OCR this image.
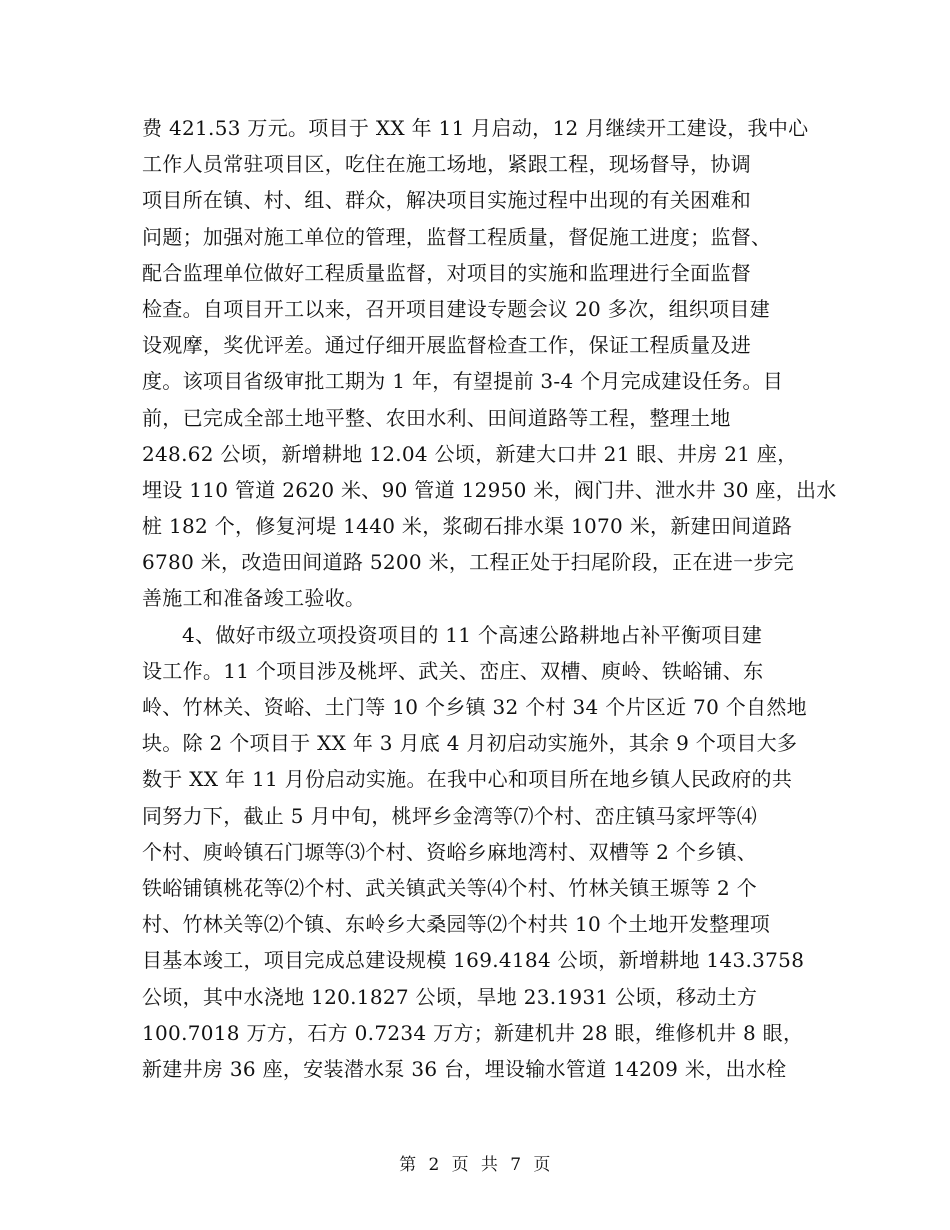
费 421.53 万元。项目于 XX 年 11 月启动，12 月继续开工建设，我中心
工作人员常驻项目区，吃住在施工场地，紧跟工程，现场督导，协调
项目所在镇、村、组、群众，解决项目实施过程中出现的有关困难和
问题；加强对施工单位的管理，监督工程质量，督促施工进度；监督、
配合监理单位做好工程质量监督，对项目的实施和监理进行全面监督
检查。自项目开工以来，召开项目建设专题会议 20 多次，组织项目建
设观摩，奖优评差。通过仔细开展监督检查工作，保证工程质量及进
度。该项目省级审批工期为 1 年，有望提前 3-4 个月完成建设任务。目
前，已完成全部土地平整、农田水利、田间道路等工程，整理土地
248.62 公顷，新增耕地 12.04 公顷，新建大口井 21 眼、井房 21 座，
埋设 110 管道 2620 米、90 管道 12950 米，阀门井、泄水井 30 座，出水
桩 182 个，修复河堤 1440 米，浆砌石排水渠 1070 米，新建田间道路
6780 米，改造田间道路 5200 米，工程正处于扫尾阶段，正在进一步完
善施工和准备竣工验收。
4、做好市级立项投资项目的 11 个高速公路耕地占补平衡项目建
设工作。11 个项目涉及桃坪、武关、峦庄、双槽、庾岭、铁峪铺、东
岭、竹林关、资峪、土门等 10 个乡镇 32 个村 34 个片区近 70 个自然地
块。除 2 个项目于 XX 年 3 月底 4 月初启动实施外，其余 9 个项目大多
数于 XX 年 11 月份启动实施。在我中心和项目所在地乡镇人民政府的共
同努力下，截止 5 月中旬，桃坪乡金湾等⑺个村、峦庄镇马家坪等⑷
个村、庾岭镇石门塬等⑶个村、资峪乡麻地湾村、双槽等 2 个乡镇、
铁峪铺镇桃花等⑵个村、武关镇武关等⑷个村、竹林关镇王塬等 2 个
村、竹林关等⑵个镇、东岭乡大桑园等⑵个村共 10 个土地开发整理项
目基本竣工，项目完成总建设规模 169.4184 公顷，新增耕地 143.3758
公顷，其中水浇地 120.1827 公顷，旱地 23.1931 公顷，移动土方
100.7018 万方，石方 0.7234 万方；新建机井 28 眼，维修机井 8 眼，
新建井房 36 座，安装潜水泵 36 台，埋设输水管道 14209 米，出水栓
第  2  页  共  7  页
